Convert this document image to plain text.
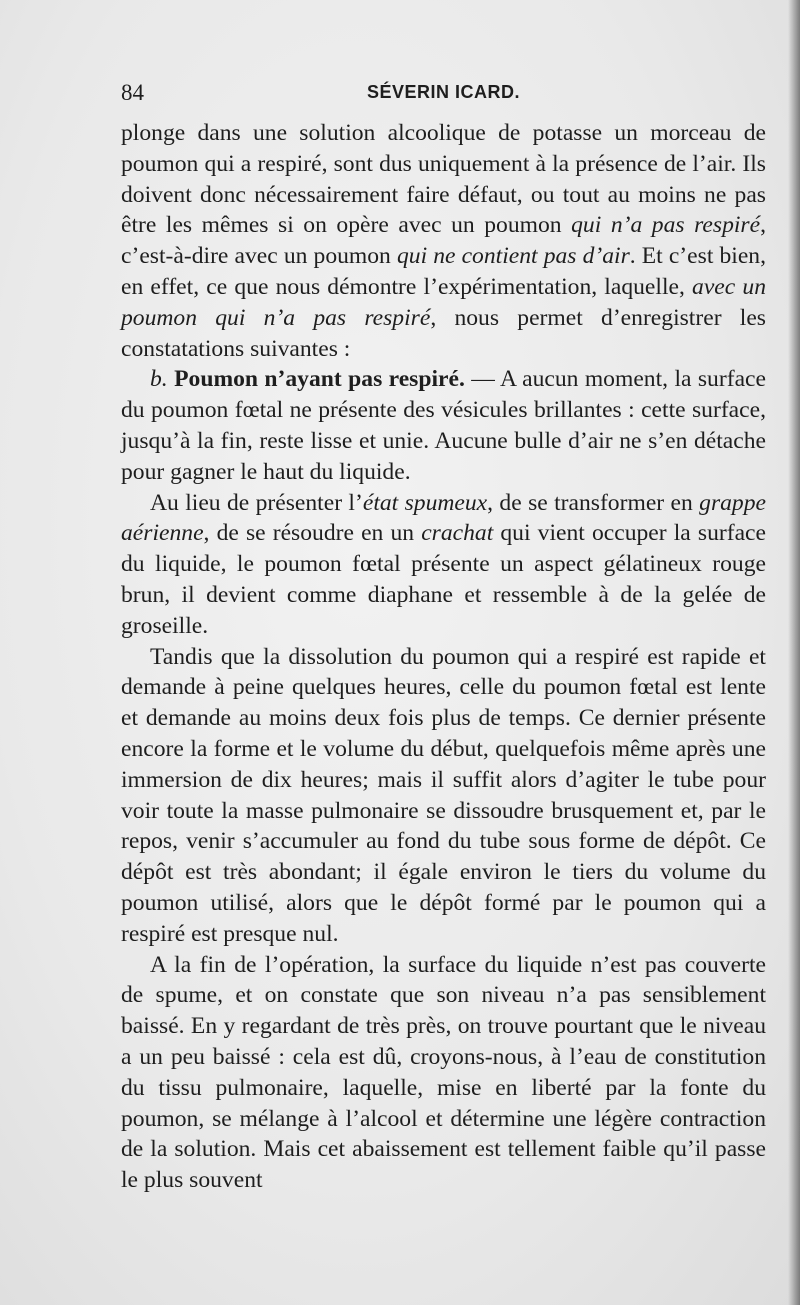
84	SÉVERIN ICARD.

plonge dans une solution alcoolique de potasse un morceau de poumon qui a respiré, sont dus uniquement à la présence de l’air. Ils doivent donc nécessairement faire défaut, ou tout au moins ne pas être les mêmes si on opère avec un poumon qui n’a pas respiré, c’est-à-dire avec un poumon qui ne contient pas d’air. Et c’est bien, en effet, ce que nous démontre l’expérimentation, laquelle, avec un poumon qui n’a pas respiré, nous permet d’enregistrer les constatations suivantes :

b. Poumon n’ayant pas respiré. — A aucun moment, la surface du poumon fœtal ne présente des vésicules brillantes : cette surface, jusqu’à la fin, reste lisse et unie. Aucune bulle d’air ne s’en détache pour gagner le haut du liquide.

Au lieu de présenter l’état spumeux, de se transformer en grappe aérienne, de se résoudre en un crachat qui vient occuper la surface du liquide, le poumon fœtal présente un aspect gélatineux rouge brun, il devient comme diaphane et ressemble à de la gelée de groseille.

Tandis que la dissolution du poumon qui a respiré est rapide et demande à peine quelques heures, celle du poumon fœtal est lente et demande au moins deux fois plus de temps. Ce dernier présente encore la forme et le volume du début, quelquefois même après une immersion de dix heures; mais il suffit alors d’agiter le tube pour voir toute la masse pulmonaire se dissoudre brusquement et, par le repos, venir s’accumuler au fond du tube sous forme de dépôt. Ce dépôt est très abondant; il égale environ le tiers du volume du poumon utilisé, alors que le dépôt formé par le poumon qui a respiré est presque nul.

A la fin de l’opération, la surface du liquide n’est pas couverte de spume, et on constate que son niveau n’a pas sensiblement baissé. En y regardant de très près, on trouve pourtant que le niveau a un peu baissé : cela est dû, croyons-nous, à l’eau de constitution du tissu pulmonaire, laquelle, mise en liberté par la fonte du poumon, se mélange à l’alcool et détermine une légère contraction de la solution. Mais cet abaissement est tellement faible qu’il passe le plus souvent
